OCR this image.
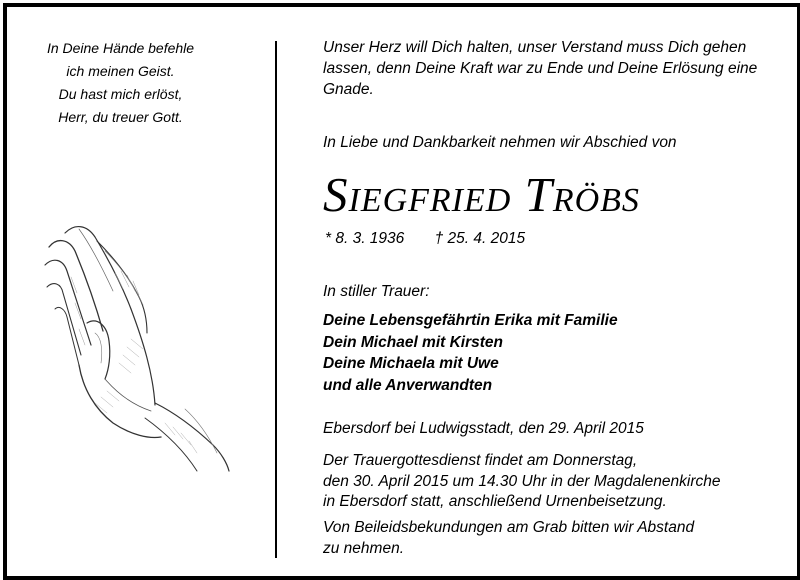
In Deine Hände befehle
ich meinen Geist.
Du hast mich erlöst,
Herr, du treuer Gott.
Unser Herz will Dich halten, unser Verstand muss Dich gehen lassen, denn Deine Kraft war zu Ende und Deine Erlösung eine Gnade.
In Liebe und Dankbarkeit nehmen wir Abschied von
Siegfried Tröbs
* 8. 3. 1936 † 25. 4. 2015
In stiller Trauer:
Deine Lebensgefährtin Erika mit Familie
Dein Michael mit Kirsten
Deine Michaela mit Uwe
und alle Anverwandten
Ebersdorf bei Ludwigsstadt, den 29. April 2015
Der Trauergottesdienst findet am Donnerstag,
den 30. April 2015 um 14.30 Uhr in der Magdalenenkirche
in Ebersdorf statt, anschließend Urnenbeisetzung.
Von Beileidsbekundungen am Grab bitten wir Abstand
zu nehmen.
